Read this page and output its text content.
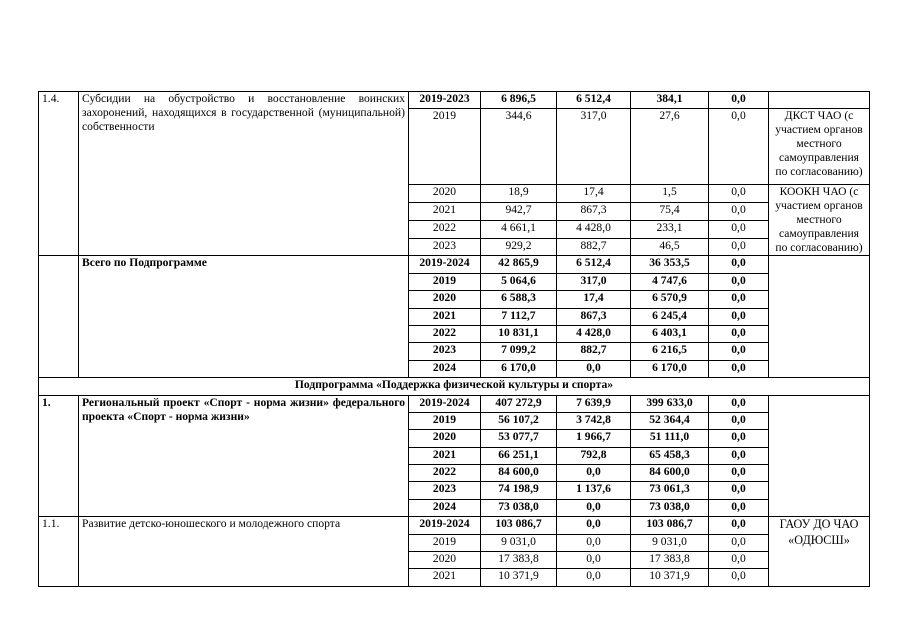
1.4.	Субсидии на обустройство и восстановление воинских захоронений, находящихся в государственной (муниципальной) собственности	2019-2023	6 896,5	6 512,4	384,1	0,0	
		2019	344,6	317,0	27,6	0,0	ДКСТ ЧАО (с участием органов местного самоуправления по согласованию)
		2020	18,9	17,4	1,5	0,0	КООКН ЧАО (с участием органов местного самоуправления по согласованию)
		2021	942,7	867,3	75,4	0,0	
		2022	4 661,1	4 428,0	233,1	0,0	
		2023	929,2	882,7	46,5	0,0	
	Всего по Подпрограмме	2019-2024	42 865,9	6 512,4	36 353,5	0,0	
		2019	5 064,6	317,0	4 747,6	0,0	
		2020	6 588,3	17,4	6 570,9	0,0	
		2021	7 112,7	867,3	6 245,4	0,0	
		2022	10 831,1	4 428,0	6 403,1	0,0	
		2023	7 099,2	882,7	6 216,5	0,0	
		2024	6 170,0	0,0	6 170,0	0,0	
Подпрограмма «Поддержка физической культуры и спорта»							
1.	Региональный проект «Спорт - норма жизни» федерального проекта «Спорт - норма жизни»	2019-2024	407 272,9	7 639,9	399 633,0	0,0	
		2019	56 107,2	3 742,8	52 364,4	0,0	
		2020	53 077,7	1 966,7	51 111,0	0,0	
		2021	66 251,1	792,8	65 458,3	0,0	
		2022	84 600,0	0,0	84 600,0	0,0	
		2023	74 198,9	1 137,6	73 061,3	0,0	
		2024	73 038,0	0,0	73 038,0	0,0	
1.1.	Развитие детско-юношеского и молодежного спорта	2019-2024	103 086,7	0,0	103 086,7	0,0	ГАОУ ДО ЧАО «ОДЮСШ»
		2019	9 031,0	0,0	9 031,0	0,0	
		2020	17 383,8	0,0	17 383,8	0,0	
		2021	10 371,9	0,0	10 371,9	0,0	
